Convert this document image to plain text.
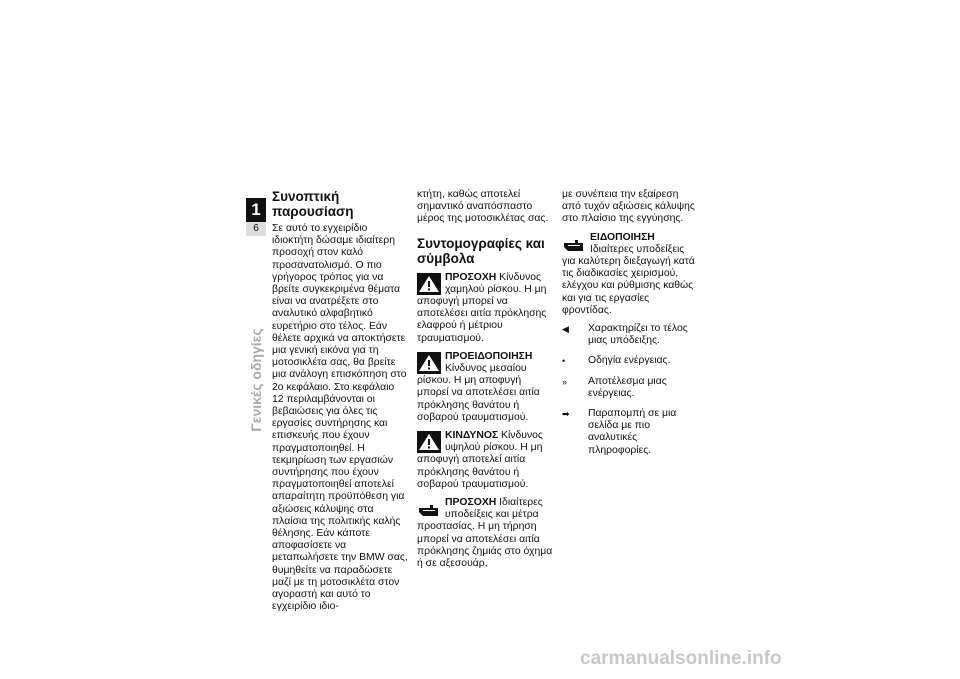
1
6
Γενικές οδηγίες
Συνοπτική παρουσίαση

Σε αυτό το εγχειρίδιο ιδιοκτήτη δώσαμε ιδιαίτερη προσοχή στον καλό προσανατολισμό. Ο πιο γρήγορος τρόπος για να βρείτε συγκεκριμένα θέματα είναι να ανατρέξετε στο αναλυτικό αλφαβητικό ευρετήριο στο τέλος. Εάν θέλετε αρχικά να αποκτήσετε μια γενική εικόνα για τη μοτοσικλέτα σας, θα βρείτε μια ανάλογη επισκόπηση στο 2ο κεφάλαιο. Στο κεφάλαιο 12 περιλαμβάνονται οι βεβαιώσεις για όλες τις εργασίες συντήρησης και επισκευής που έχουν πραγματοποιηθεί. Η τεκμηρίωση των εργασιών συντήρησης που έχουν πραγματοποιηθεί αποτελεί απαραίτητη προϋπόθεση για αξιώσεις κάλυψης στα πλαίσια της πολιτικής καλής θέλησης. Εάν κάποτε αποφασίσετε να μεταπωλήσετε την BMW σας, θυμηθείτε να παραδώσετε μαζί με τη μοτοσικλέτα στον αγοραστή και αυτό το εγχειρίδιο ιδιο-

κτήτη, καθώς αποτελεί σημαντικό αναπόσπαστο μέρος της μοτοσικλέτας σας.

Συντομογραφίες και σύμβολα
ΠΡΟΣΟΧΗ Κίνδυνος χαμηλού ρίσκου. Η μη αποφυγή μπορεί να αποτελέσει αιτία πρόκλησης ελαφρού ή μέτριου τραυματισμού.
ΠΡΟΕΙΔΟΠΟΙΗΣΗ Κίνδυνος μεσαίου ρίσκου. Η μη αποφυγή μπορεί να αποτελέσει αιτία πρόκλησης θανάτου ή σοβαρού τραυματισμού.
ΚΙΝΔΥΝΟΣ Κίνδυνος υψηλού ρίσκου. Η μη αποφυγή αποτελεί αιτία πρόκλησης θανάτου ή σοβαρού τραυματισμού.
ΠΡΟΣΟΧΗ Ιδιαίτερες υποδείξεις και μέτρα προστασίας. Η μη τήρηση μπορεί να αποτελέσει αιτία πρόκλησης ζημιάς στο όχημα ή σε αξεσουάρ,

με συνέπεια την εξαίρεση από τυχόν αξιώσεις κάλυψης στο πλαίσιο της εγγύησης.

ΕΙΔΟΠΟΙΗΣΗ Ιδιαίτερες υποδείξεις για καλύτερη διεξαγωγή κατά τις διαδικασίες χειρισμού, ελέγχου και ρύθμισης καθώς και για τις εργασίες φροντίδας.
◀	Χαρακτηρίζει το τέλος μιας υπόδειξης.
•	Οδηγία ενέργειας.
»	Αποτέλεσμα μιας ενέργειας.
➡	Παραπομπή σε μια σελίδα με πιο αναλυτικές πληροφορίες.
carmanualsonline.info
